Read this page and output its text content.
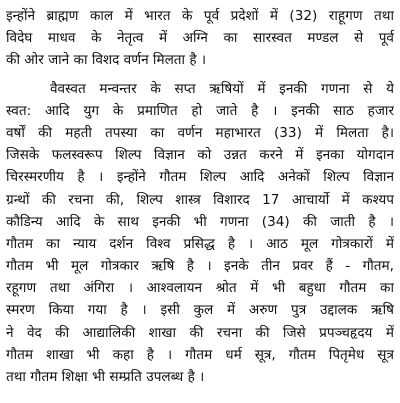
इन्होंने ब्राह्मण काल में भारत के पूर्व प्रदेशों में (32) राहूगण तथा
विदेघ माधव के नेतृत्व में अग्नि का सारस्वत मण्डल से पूर्व
की ओर जाने का विशद वर्णन मिलता है ।
वैवस्वत मन्वन्तर के सप्त ऋषियों में इनकी गणना से ये
स्वत: आदि युग के प्रमाणित हो जाते है । इनकी साठ हजार
वर्षों की महती तपस्या का वर्णन महाभारत (33) में मिलता है।
जिसके फलस्वरूप शिल्प विज्ञान को उन्नत करने में इनका योगदान
चिरस्मरणीय है । इन्होंने गौतम शिल्प आदि अनेकों शिल्प विज्ञान
ग्रन्थों की रचना की, शिल्प शास्त्र विशारद 17 आचार्यो में कश्यप
कौडिन्य आदि के साथ इनकी भी गणना (34) की जाती है ।
गौतम का न्याय दर्शन विश्व प्रसिद्ध है । आठ मूल गोत्रकारों में
गौतम भी मूल गोत्रकार ऋषि है । इनके तीन प्रवर हैं - गौतम,
रहूगण तथा अंगिरा । आश्वलायन श्रोत में भी बहुधा गौतम का
स्मरण किया गया है । इसी कुल में अरुण पुत्र उद्दालक ऋषि
ने वेद की आद्यालिकी शाखा की रचना की जिसे प्रपञ्चहृदय में
गौतम शाखा भी कहा है । गौतम धर्म सूत्र, गौतम पितृमेध सूत्र
तथा गौतम शिक्षा भी सम्प्रति उपलब्ध है ।
